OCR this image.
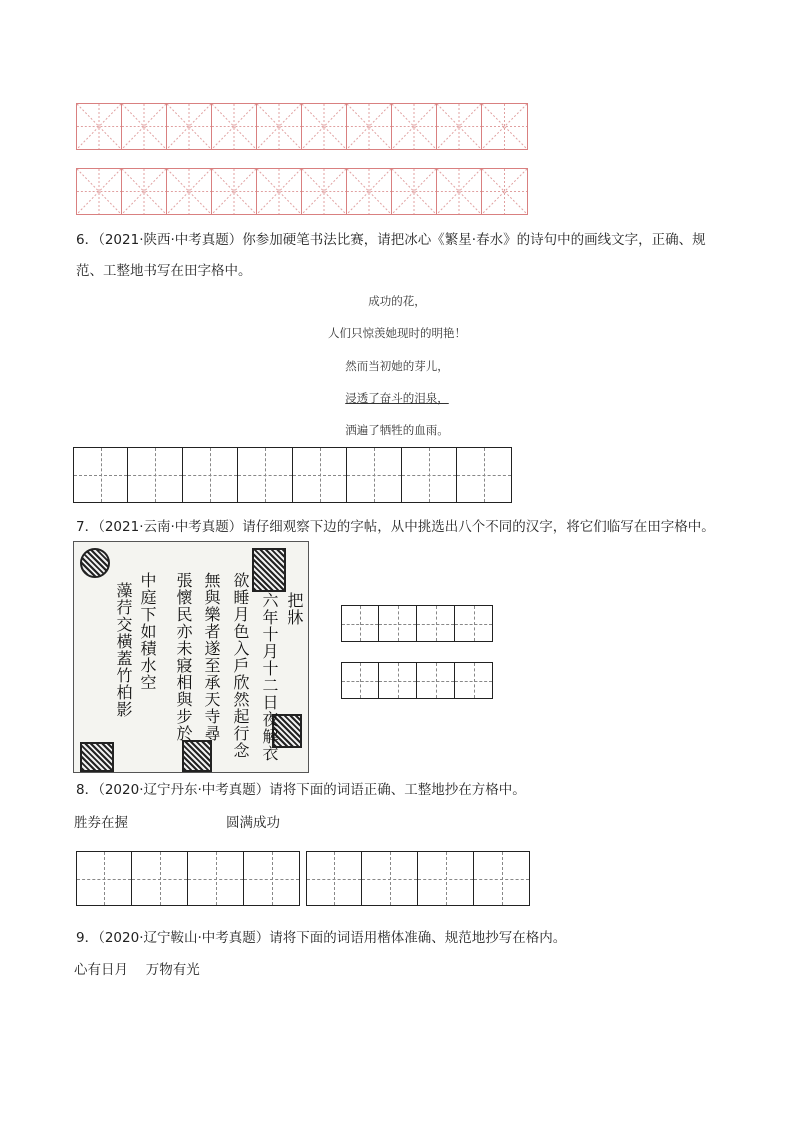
6．（2021·陕西·中考真题）你参加硬笔书法比赛，请把冰心《繁星·春水》的诗句中的画线文字，正确、规
范、工整地书写在田字格中。
成功的花，
人们只惊羡她现时的明艳！
然而当初她的芽儿，
浸透了奋斗的泪泉，
洒遍了牺牲的血雨。
7．（2021·云南·中考真题）请仔细观察下边的字帖，从中挑选出八个不同的汉字，将它们临写在田字格中。
把牀
六年十月十二日夜解衣
欲睡月色入戶欣然起行念
無與樂者遂至承天寺尋
張懷民亦未寢相與步於
中庭下如積水空
藻荇交橫蓋竹柏影
8．（2020·辽宁丹东·中考真题）请将下面的词语正确、工整地抄在方格中。
胜券在握	圆满成功
9．（2020·辽宁鞍山·中考真题）请将下面的词语用楷体准确、规范地抄写在格内。
心有日月　 万物有光
